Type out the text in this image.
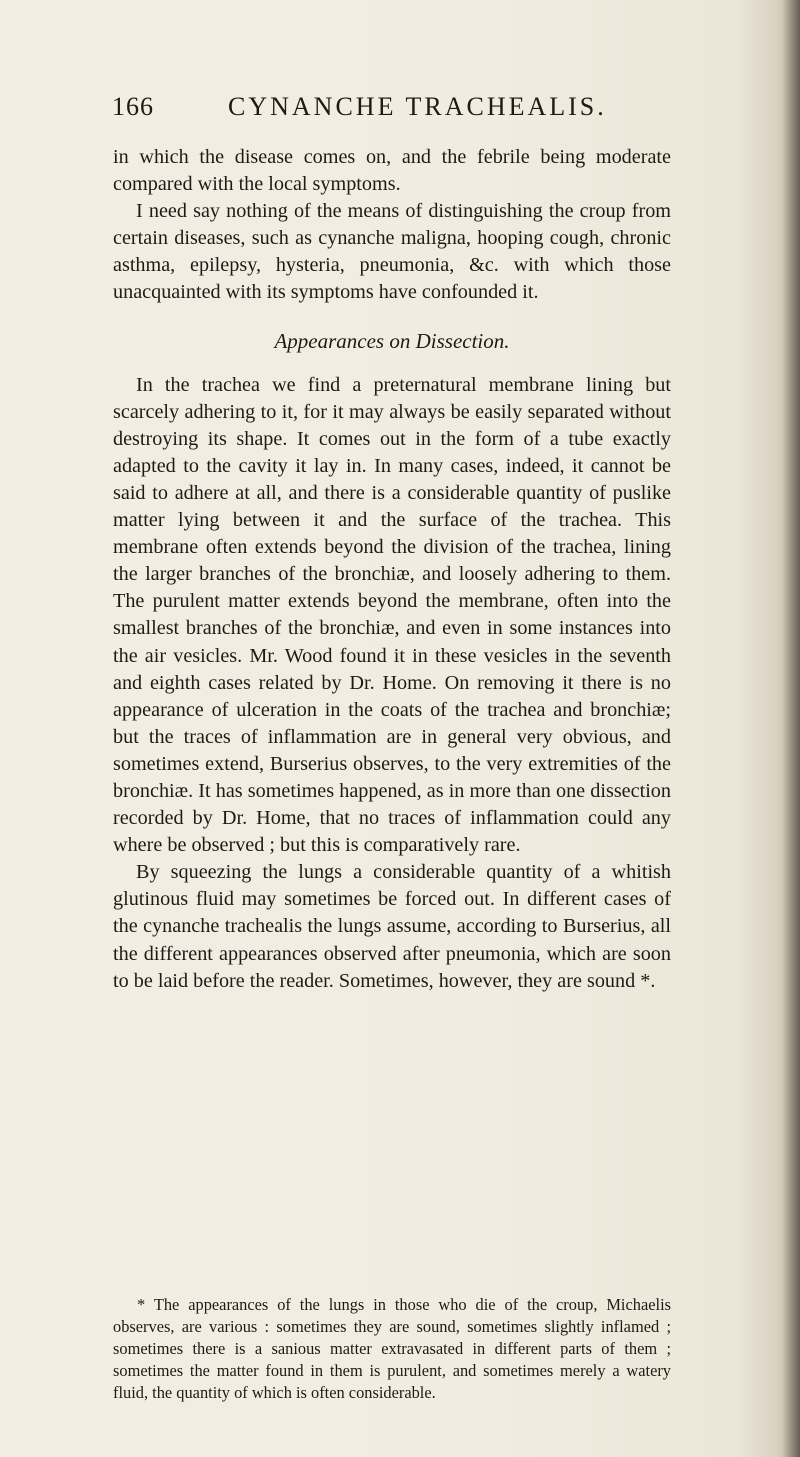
166	CYNANCHE TRACHEALIS.

in which the disease comes on, and the febrile being moderate compared with the local symptoms.

I need say nothing of the means of distinguishing the croup from certain diseases, such as cynanche maligna, hooping cough, chronic asthma, epilepsy, hysteria, pneumonia, &c. with which those unacquainted with its symptoms have confounded it.

Appearances on Dissection.

In the trachea we find a preternatural membrane lining but scarcely adhering to it, for it may always be easily separated without destroying its shape. It comes out in the form of a tube exactly adapted to the cavity it lay in. In many cases, indeed, it cannot be said to adhere at all, and there is a considerable quantity of puslike matter lying between it and the surface of the trachea. This membrane often extends beyond the division of the trachea, lining the larger branches of the bronchiæ, and loosely adhering to them. The purulent matter extends beyond the membrane, often into the smallest branches of the bronchiæ, and even in some instances into the air vesicles. Mr. Wood found it in these vesicles in the seventh and eighth cases related by Dr. Home. On removing it there is no appearance of ulceration in the coats of the trachea and bronchiæ; but the traces of inflammation are in general very obvious, and sometimes extend, Burserius observes, to the very extremities of the bronchiæ. It has sometimes happened, as in more than one dissection recorded by Dr. Home, that no traces of inflammation could any where be observed ; but this is comparatively rare.

By squeezing the lungs a considerable quantity of a whitish glutinous fluid may sometimes be forced out. In different cases of the cynanche trachealis the lungs assume, according to Burserius, all the different appearances observed after pneumonia, which are soon to be laid before the reader. Sometimes, however, they are sound *.

* The appearances of the lungs in those who die of the croup, Michaelis observes, are various : sometimes they are sound, sometimes slightly inflamed ; sometimes there is a sanious matter extravasated in different parts of them ; sometimes the matter found in them is purulent, and sometimes merely a watery fluid, the quantity of which is often considerable.
